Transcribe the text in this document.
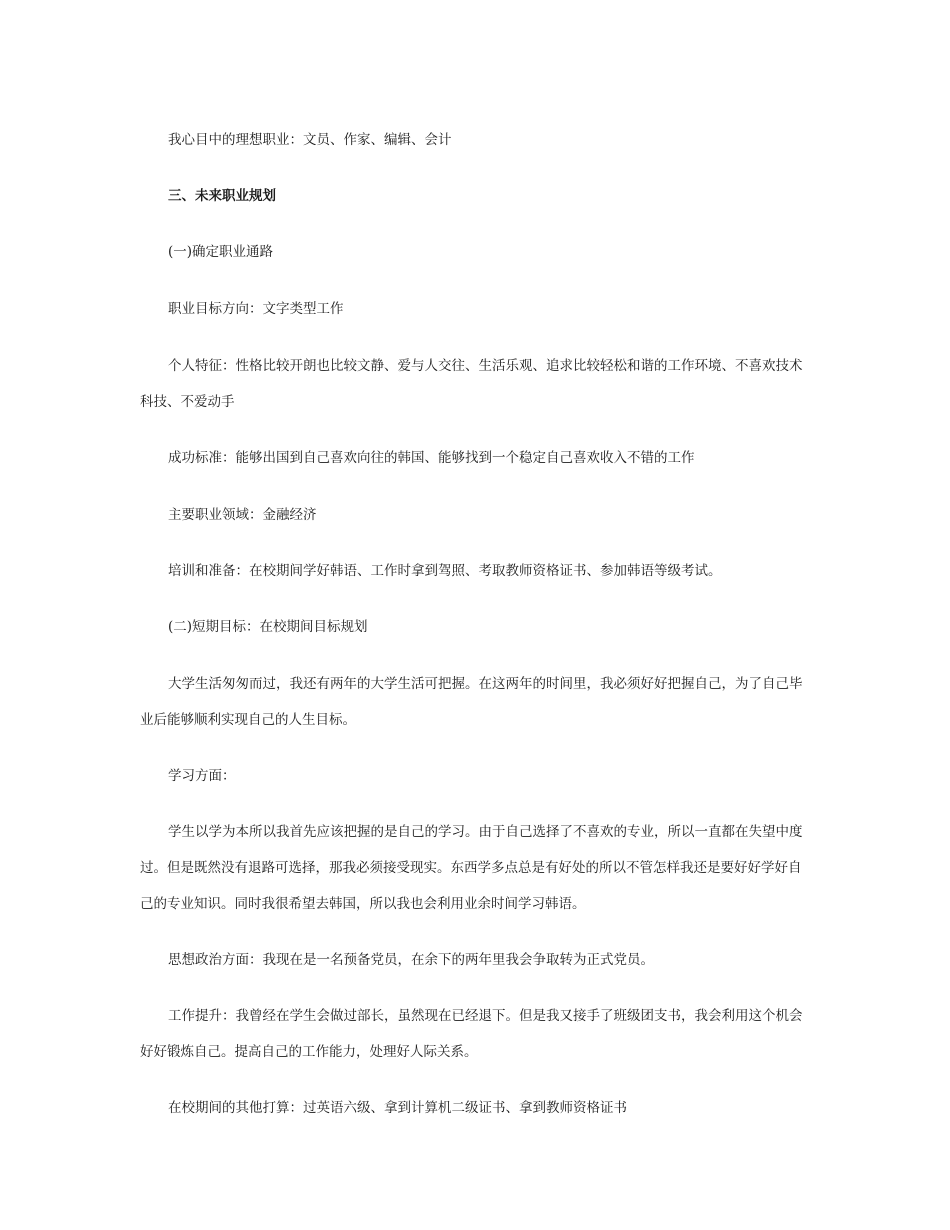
我心目中的理想职业：文员、作家、编辑、会计

三、未来职业规划

(一)确定职业通路

职业目标方向：文字类型工作

个人特征：性格比较开朗也比较文静、爱与人交往、生活乐观、追求比较轻松和谐的工作环境、不喜欢技术科技、不爱动手

成功标准：能够出国到自己喜欢向往的韩国、能够找到一个稳定自己喜欢收入不错的工作

主要职业领域：金融经济

培训和准备：在校期间学好韩语、工作时拿到驾照、考取教师资格证书、参加韩语等级考试。

(二)短期目标：在校期间目标规划

大学生活匆匆而过，我还有两年的大学生活可把握。在这两年的时间里，我必须好好把握自己，为了自己毕业后能够顺利实现自己的人生目标。

学习方面：

学生以学为本所以我首先应该把握的是自己的学习。由于自己选择了不喜欢的专业，所以一直都在失望中度过。但是既然没有退路可选择，那我必须接受现实。东西学多点总是有好处的所以不管怎样我还是要好好学好自己的专业知识。同时我很希望去韩国，所以我也会利用业余时间学习韩语。

思想政治方面：我现在是一名预备党员，在余下的两年里我会争取转为正式党员。

工作提升：我曾经在学生会做过部长，虽然现在已经退下。但是我又接手了班级团支书，我会利用这个机会好好锻炼自己。提高自己的工作能力，处理好人际关系。

在校期间的其他打算：过英语六级、拿到计算机二级证书、拿到教师资格证书
